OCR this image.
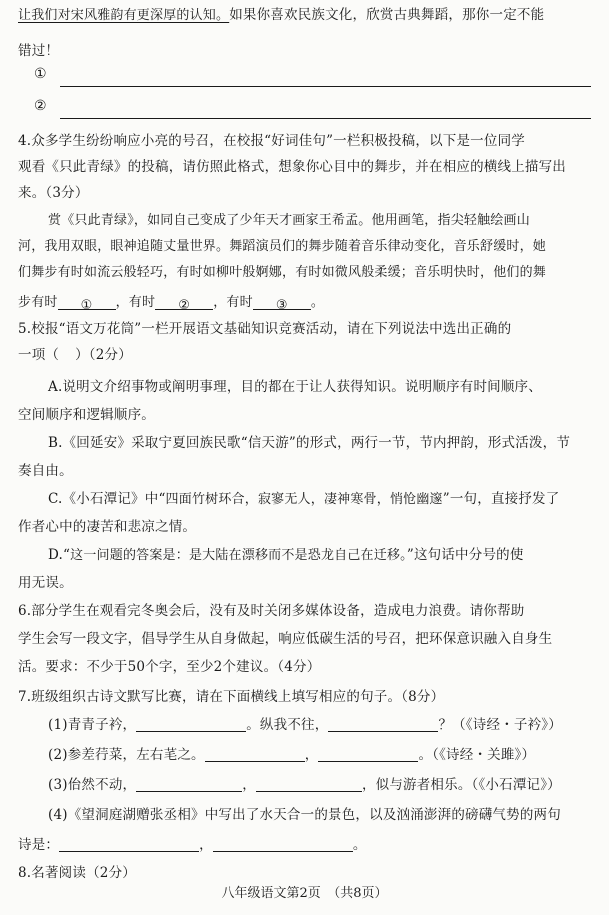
让我们对宋风雅韵有更深厚的认知。如果你喜欢民族文化，欣赏古典舞蹈，那你一定不能
错过！
①
②
4.众多学生纷纷响应小亮的号召，在校报“好词佳句”一栏积极投稿，以下是一位同学
观看《只此青绿》的投稿，请仿照此格式，想象你心目中的舞步，并在相应的横线上描写出
来。（3分）
赏《只此青绿》，如同自己变成了少年天才画家王希孟。他用画笔，指尖轻触绘画山
河，我用双眼，眼神追随丈量世界。舞蹈演员们的舞步随着音乐律动变化，音乐舒缓时，她
们舞步有时如流云般轻巧，有时如柳叶般婀娜，有时如微风般柔缓；音乐明快时，他们的舞
步有时 ① ，有时 ② ，有时 ③ 。
5.校报“语文万花筒”一栏开展语文基础知识竞赛活动，请在下列说法中选出正确的
一项（ ）（2分）
A.说明文介绍事物或阐明事理，目的都在于让人获得知识。说明顺序有时间顺序、
空间顺序和逻辑顺序。
B.《回延安》采取宁夏回族民歌“信天游”的形式，两行一节，节内押韵，形式活泼，节
奏自由。
C.《小石潭记》中“四面竹树环合，寂寥无人，凄神寒骨，悄怆幽邃”一句，直接抒发了
作者心中的凄苦和悲凉之情。
D.“这一问题的答案是：是大陆在漂移而不是恐龙自己在迁移。”这句话中分号的使
用无误。
6.部分学生在观看完冬奥会后，没有及时关闭多媒体设备，造成电力浪费。请你帮助
学生会写一段文字，倡导学生从自身做起，响应低碳生活的号召，把环保意识融入自身生
活。要求：不少于50个字，至少2个建议。（4分）
7.班级组织古诗文默写比赛，请在下面横线上填写相应的句子。（8分）
(1)青青子衿，	。纵我不往，	？（《诗经・子衿》）
(2)参差荇菜，左右芼之。	，	。（《诗经・关雎》）
(3)佁然不动，	，	，似与游者相乐。（《小石潭记》）
(4)《望洞庭湖赠张丞相》中写出了水天合一的景色，以及汹涌澎湃的磅礴气势的两句
诗是：	，	。
8.名著阅读（2分）
八年级语文第2页　（共8页）
